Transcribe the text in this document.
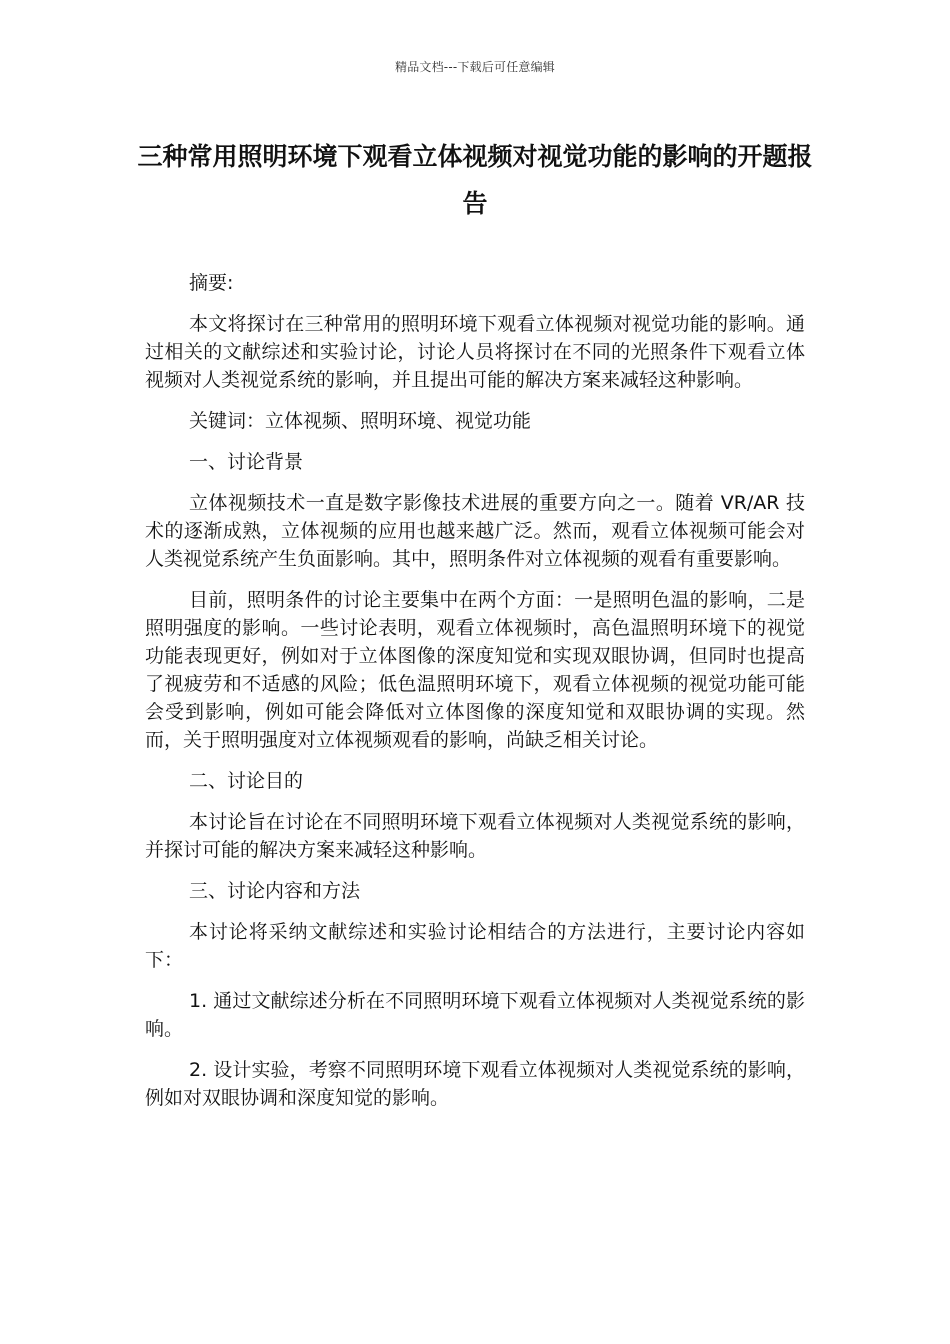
精品文档---下载后可任意编辑
三种常用照明环境下观看立体视频对视觉功能的影响的开题报告

摘要:

本文将探讨在三种常用的照明环境下观看立体视频对视觉功能的影响。通过相关的文献综述和实验讨论，讨论人员将探讨在不同的光照条件下观看立体视频对人类视觉系统的影响，并且提出可能的解决方案来减轻这种影响。

关键词：立体视频、照明环境、视觉功能

一、讨论背景

立体视频技术一直是数字影像技术进展的重要方向之一。随着 VR/AR 技术的逐渐成熟，立体视频的应用也越来越广泛。然而，观看立体视频可能会对人类视觉系统产生负面影响。其中，照明条件对立体视频的观看有重要影响。

目前，照明条件的讨论主要集中在两个方面：一是照明色温的影响，二是照明强度的影响。一些讨论表明，观看立体视频时，高色温照明环境下的视觉功能表现更好，例如对于立体图像的深度知觉和实现双眼协调，但同时也提高了视疲劳和不适感的风险；低色温照明环境下，观看立体视频的视觉功能可能会受到影响，例如可能会降低对立体图像的深度知觉和双眼协调的实现。然而，关于照明强度对立体视频观看的影响，尚缺乏相关讨论。

二、讨论目的

本讨论旨在讨论在不同照明环境下观看立体视频对人类视觉系统的影响，并探讨可能的解决方案来减轻这种影响。

三、讨论内容和方法

本讨论将采纳文献综述和实验讨论相结合的方法进行，主要讨论内容如下：

1. 通过文献综述分析在不同照明环境下观看立体视频对人类视觉系统的影响。

2. 设计实验，考察不同照明环境下观看立体视频对人类视觉系统的影响，例如对双眼协调和深度知觉的影响。
